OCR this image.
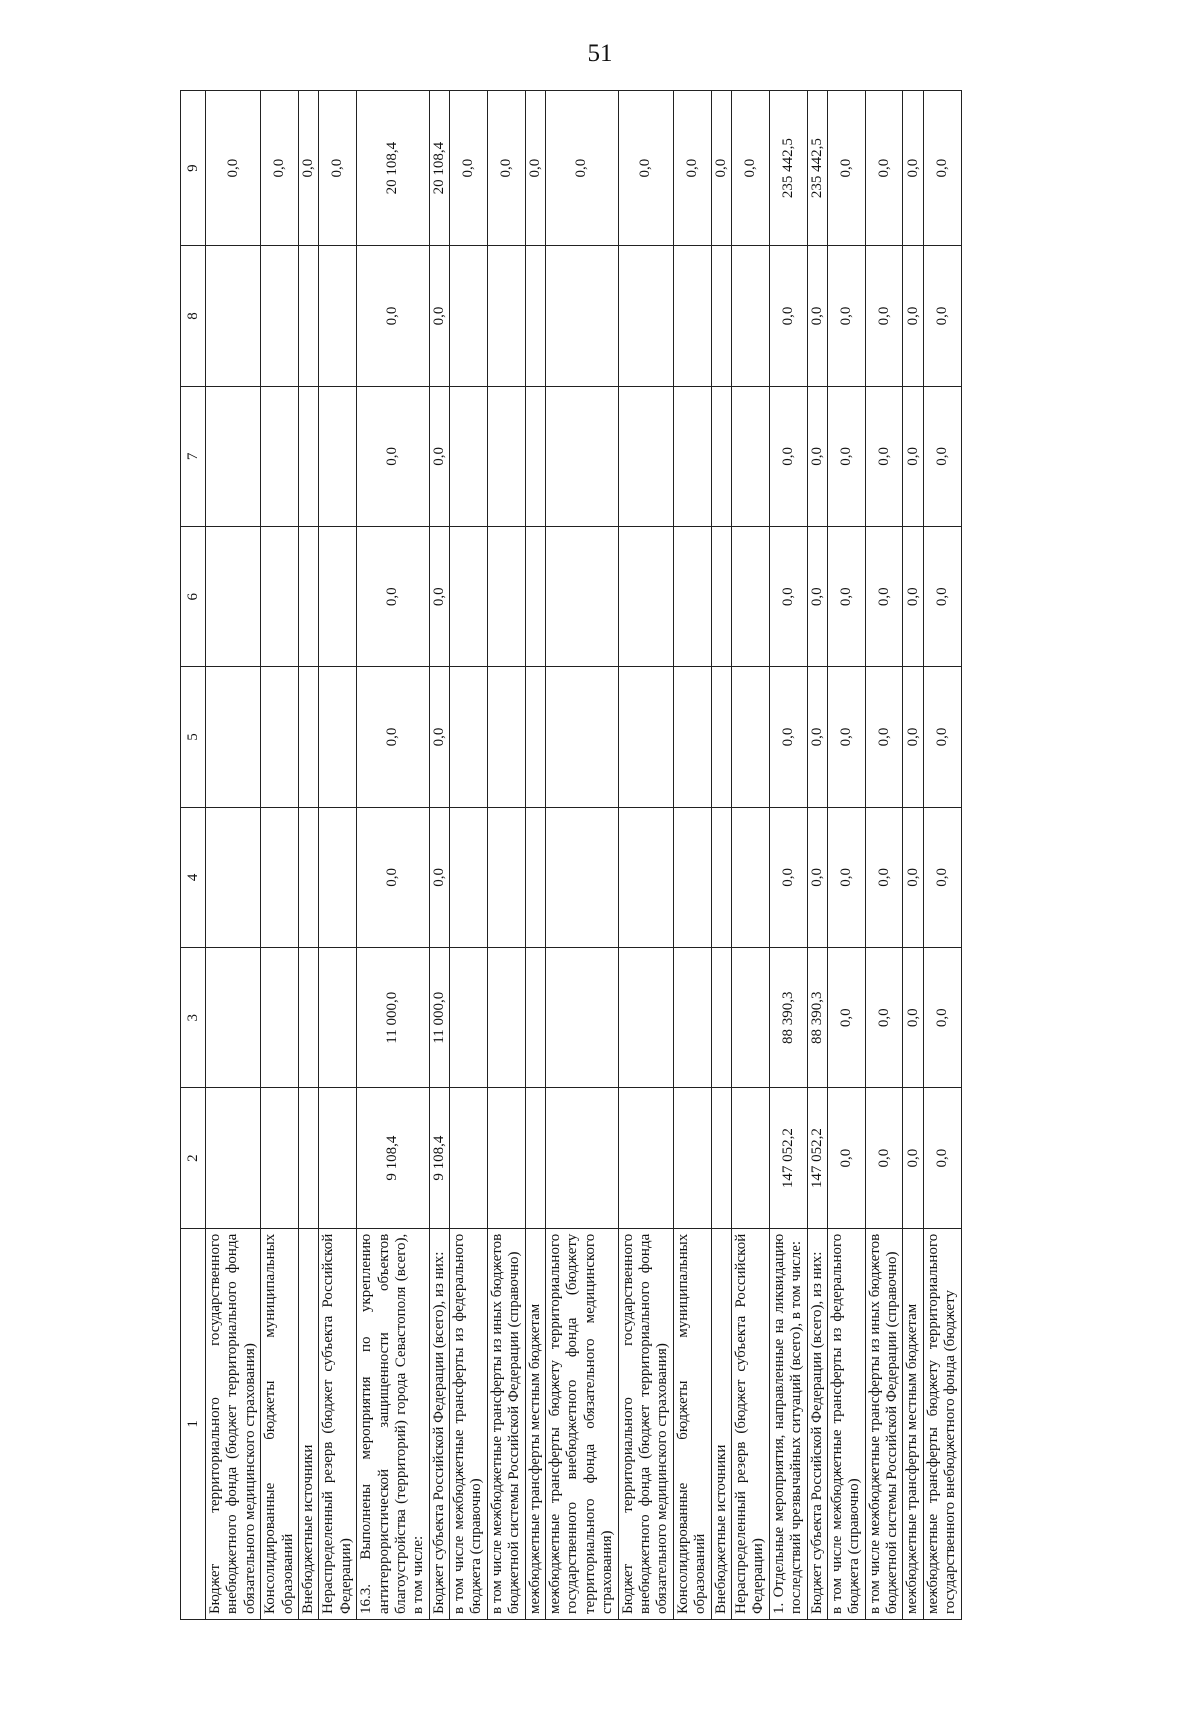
51
1	2	3	4	5	6	7	8	9
Бюджет территориального государственного внебюджетного фонда (бюджет территориального фонда обязательного медицинского страхования)								0,0
Консолидированные бюджеты муниципальных образований								0,0
Внебюджетные источники								0,0
Нераспределенный резерв (бюджет субъекта Российской Федерации)								0,0
16.3. Выполнены мероприятия по укреплению антитеррористической защищенности объектов благоустройства (территорий) города Севастополя (всего), в том числе:	9 108,4	11 000,0	0,0	0,0	0,0	0,0	0,0	20 108,4
Бюджет субъекта Российской Федерации (всего), из них:	9 108,4	11 000,0	0,0	0,0	0,0	0,0	0,0	20 108,4
в том числе межбюджетные трансферты из федерального бюджета (справочно)								0,0
в том числе межбюджетные трансферты из иных бюджетов бюджетной системы Российской Федерации (справочно)								0,0
межбюджетные трансферты местным бюджетам								0,0
межбюджетные трансферты бюджету территориального государственного внебюджетного фонда (бюджету территориального фонда обязательного медицинского страхования)								0,0
Бюджет территориального государственного внебюджетного фонда (бюджет территориального фонда обязательного медицинского страхования)								0,0
Консолидированные бюджеты муниципальных образований								0,0
Внебюджетные источники								0,0
Нераспределенный резерв (бюджет субъекта Российской Федерации)								0,0
1. Отдельные мероприятия, направленные на ликвидацию последствий чрезвычайных ситуаций (всего), в том числе:	147 052,2	88 390,3	0,0	0,0	0,0	0,0	0,0	235 442,5
Бюджет субъекта Российской Федерации (всего), из них:	147 052,2	88 390,3	0,0	0,0	0,0	0,0	0,0	235 442,5
в том числе межбюджетные трансферты из федерального бюджета (справочно)	0,0	0,0	0,0	0,0	0,0	0,0	0,0	0,0
в том числе межбюджетные трансферты из иных бюджетов бюджетной системы Российской Федерации (справочно)	0,0	0,0	0,0	0,0	0,0	0,0	0,0	0,0
межбюджетные трансферты местным бюджетам	0,0	0,0	0,0	0,0	0,0	0,0	0,0	0,0
межбюджетные трансферты бюджету территориального государственного внебюджетного фонда (бюджету	0,0	0,0	0,0	0,0	0,0	0,0	0,0	0,0
